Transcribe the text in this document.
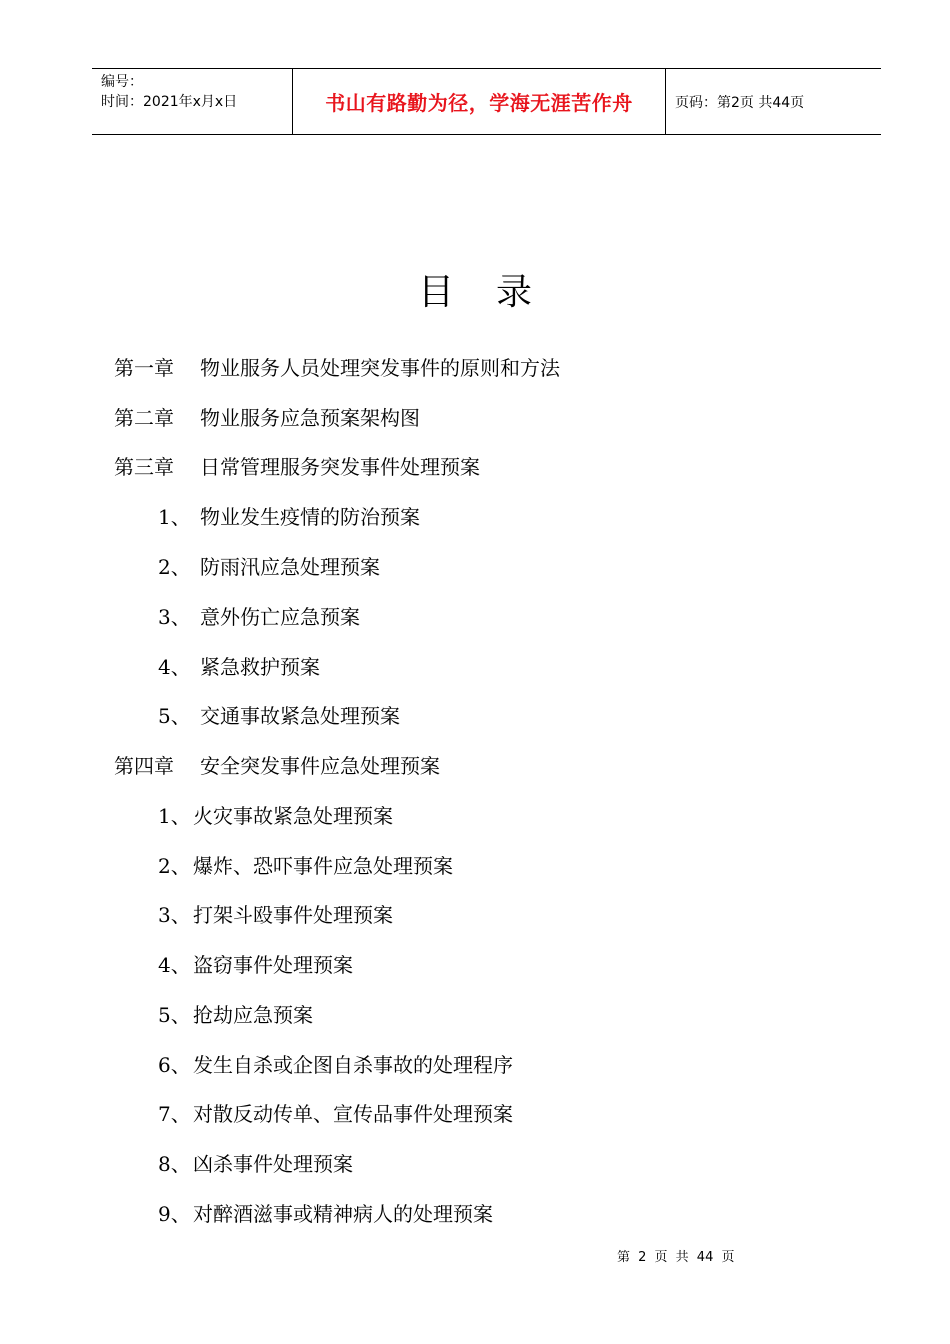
编号：
时间：2021年x月x日	书山有路勤为径，学海无涯苦作舟	页码：第2页 共44页
目录
第一章 物业服务人员处理突发事件的原则和方法
第二章 物业服务应急预案架构图
第三章 日常管理服务突发事件处理预案
1、 物业发生疫情的防治预案
2、 防雨汛应急处理预案
3、 意外伤亡应急预案
4、 紧急救护预案
5、 交通事故紧急处理预案
第四章 安全突发事件应急处理预案
1、 火灾事故紧急处理预案
2、 爆炸、恐吓事件应急处理预案
3、 打架斗殴事件处理预案
4、 盗窃事件处理预案
5、 抢劫应急预案
6、 发生自杀或企图自杀事故的处理程序
7、 对散反动传单、宣传品事件处理预案
8、 凶杀事件处理预案
9、 对醉酒滋事或精神病人的处理预案
第 2 页 共 44 页
